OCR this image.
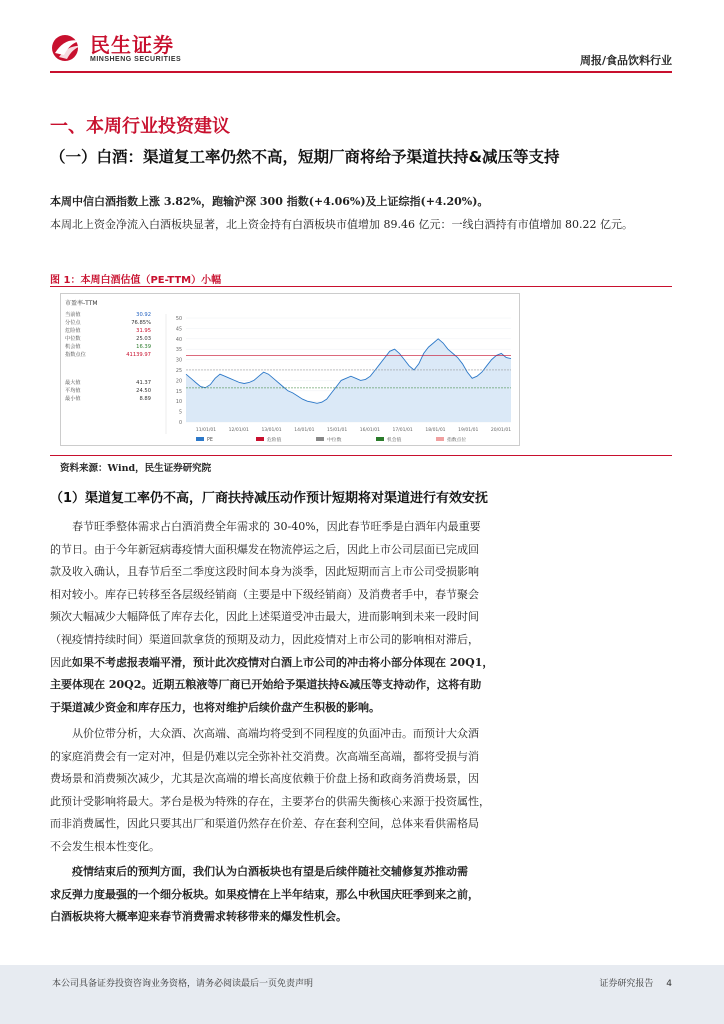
民生证券
MINSHENG SECURITIES	周报/食品饮料行业
一、本周行业投资建议
（一）白酒：渠道复工率仍然不高，短期厂商将给予渠道扶持&减压等支持

本周中信白酒指数上涨 3.82%，跑输沪深 300 指数(+4.06%)及上证综指(+4.20%)。
本周北上资金净流入白酒板块显著，北上资金持有白酒板块市值增加 89.46 亿元：一线白酒持有市值增加 80.22 亿元。

图 1：本周白酒估值（PE-TTM）小幅
市盈率-TTM
当前值	30.92
分位点	76.85%
危险值	31.95
中位数	25.03
机会值	16.39
指数点位	41139.97
最大值	41.37
平均值	24.50
最小值	8.89
0
5
10
15
20
25
30
35
40
45
50
11/01/01	12/01/01	13/01/01	14/01/01	15/01/01	16/01/01	17/01/01	18/01/01	19/01/01	20/01/01
PE	危险值	中位数	机会值	指数点位
资料来源：Wind，民生证券研究院
（1）渠道复工率仍不高，厂商扶持减压动作预计短期将对渠道进行有效安抚

春节旺季整体需求占白酒消费全年需求的 30-40%，因此春节旺季是白酒年内最重要
的节日。由于今年新冠病毒疫情大面积爆发在物流停运之后，因此上市公司层面已完成回
款及收入确认，且春节后至二季度这段时间本身为淡季，因此短期而言上市公司受损影响
相对较小。库存已转移至各层级经销商（主要是中下级经销商）及消费者手中，春节聚会
频次大幅减少大幅降低了库存去化，因此上述渠道受冲击最大，进而影响到未来一段时间
（视疫情持续时间）渠道回款拿货的预期及动力，因此疫情对上市公司的影响相对滞后，
因此如果不考虑报表端平滑，预计此次疫情对白酒上市公司的冲击将小部分体现在 20Q1，
主要体现在 20Q2。近期五粮液等厂商已开始给予渠道扶持&减压等支持动作，这将有助
于渠道减少资金和库存压力，也将对维护后续价盘产生积极的影响。

从价位带分析，大众酒、次高端、高端均将受到不同程度的负面冲击。而预计大众酒
的家庭消费会有一定对冲，但是仍难以完全弥补社交消费。次高端至高端，都将受损与消
费场景和消费频次减少，尤其是次高端的增长高度依赖于价盘上扬和政商务消费场景，因
此预计受影响将最大。茅台是极为特殊的存在，主要茅台的供需失衡核心来源于投资属性，
而非消费属性，因此只要其出厂和渠道仍然存在价差、存在套利空间，总体来看供需格局
不会发生根本性变化。

疫情结束后的预判方面，我们认为白酒板块也有望是后续伴随社交辅修复苏推动需
求反弹力度最强的一个细分板块。如果疫情在上半年结束，那么中秋国庆旺季到来之前，
白酒板块将大概率迎来春节消费需求转移带来的爆发性机会。

本公司具备证券投资咨询业务资格，请务必阅读最后一页免责声明	证券研究报告 4
